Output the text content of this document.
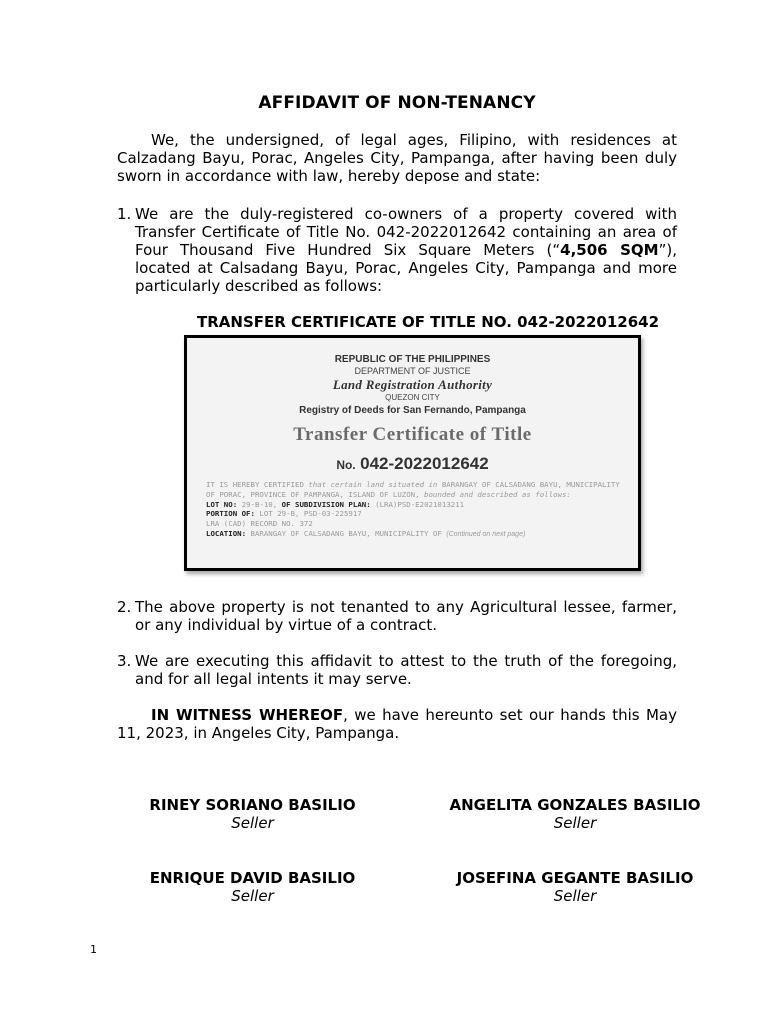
AFFIDAVIT OF NON-TENANCY
We, the undersigned, of legal ages, Filipino, with residences at Calzadang Bayu, Porac, Angeles City, Pampanga, after having been duly sworn in accordance with law, hereby depose and state:
1. We are the duly-registered co-owners of a property covered with Transfer Certificate of Title No. 042-2022012642 containing an area of Four Thousand Five Hundred Six Square Meters (“4,506 SQM”), located at Calsadang Bayu, Porac, Angeles City, Pampanga and more particularly described as follows:
TRANSFER CERTIFICATE OF TITLE NO. 042-2022012642
REPUBLIC OF THE PHILIPPINES
DEPARTMENT OF JUSTICE
Land Registration Authority
QUEZON CITY
Registry of Deeds for San Fernando, Pampanga
Transfer Certificate of Title
No. 042-2022012642
IT IS HEREBY CERTIFIED that certain land situated in BARANGAY OF CALSADANG BAYU, MUNICIPALITY OF PORAC, PROVINCE OF PAMPANGA, ISLAND OF LUZON, bounded and described as follows:
LOT NO: 29-B-10, OF SUBDIVISION PLAN: (LRA)PSD-E2021013211
PORTION OF: LOT 29-B, PSD-03-225917
LRA (CAD) RECORD NO. 372
LOCATION: BARANGAY OF CALSADANG BAYU, MUNICIPALITY OF (Continued on next page)
2. The above property is not tenanted to any Agricultural lessee, farmer, or any individual by virtue of a contract.
3. We are executing this affidavit to attest to the truth of the foregoing, and for all legal intents it may serve.
IN WITNESS WHEREOF, we have hereunto set our hands this May 11, 2023, in Angeles City, Pampanga.
RINEY SORIANO BASILIO
Seller
ANGELITA GONZALES BASILIO
Seller
ENRIQUE DAVID BASILIO
Seller
JOSEFINA GEGANTE BASILIO
Seller
1
